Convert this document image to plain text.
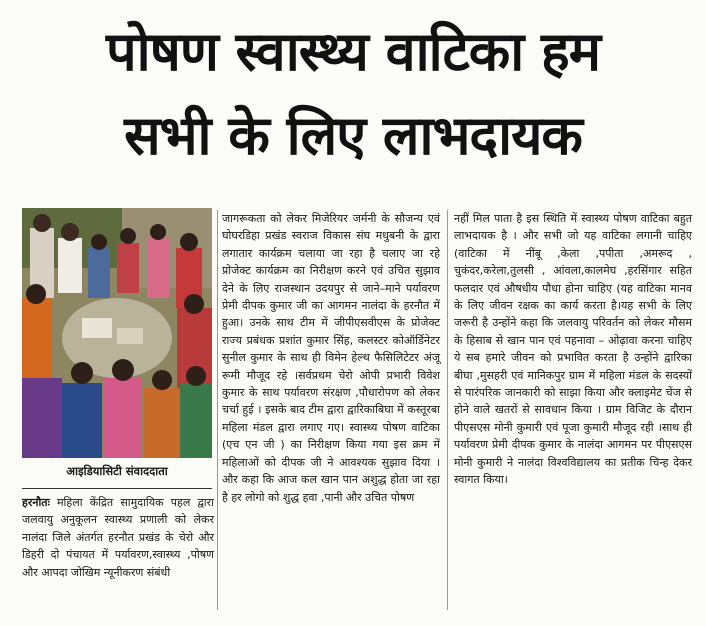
पोषण स्वास्थ्य वाटिका हम
सभी के लिए लाभदायक
आइडियासिटी संवाददाता
हरनौतः महिला केंद्रित सामुदायिक पहल द्वारा जलवायु अनुकूलन स्वास्थ्य प्रणाली को लेकर नालंदा जिले अंतर्गत हरनौत प्रखंड के चेरो और डिहरी दो पंचायत में पर्यावरण,स्वास्थ्य ,पोषण और आपदा जोखिम न्यूनीकरण संबंधी
जागरूकता को लेकर मिजेरियर जर्मनी के सौजन्य एवं घोघरडिहा प्रखंड स्वराज विकास संघ मधुबनी के द्वारा लगातार कार्यक्रम चलाया जा रहा है चलाए जा रहे प्रोजेक्ट कार्यक्रम का निरीक्षण करने एवं उचित सुझाव देने के लिए राजस्थान उदयपुर से जाने–माने पर्यावरण प्रेमी दीपक कुमार जी का आगमन नालंदा के हरनौत में हुआ। उनके साथ टीम में जीपीएसवीएस के प्रोजेक्ट राज्य प्रबंधक प्रशांत कुमार सिंह, कलस्टर कोऑर्डिनेटर सुनील कुमार के साथ ही विमेन हेल्थ फैसिलिटेटर अंजू रूमी मौजूद रहे ।सर्वप्रथम चेरो ओपी प्रभारी विवेश कुमार के साथ पर्यावरण संरक्षण ,पौधारोपण को लेकर चर्चा हुई । इसके बाद टीम द्वारा द्वारिकाबिघा में कस्तूरबा महिला मंडल द्वारा लगाए गए। स्वास्थ्य पोषण वाटिका (एच एन जी ) का निरीक्षण किया गया इस क्रम में महिलाओं को दीपक जी ने आवश्यक सुझाव दिया । और कहा कि आज कल खान पान अशुद्ध होता जा रहा है हर लोगो को शुद्ध हवा ,पानी और उचित पोषण
नहीं मिल पाता है इस स्थिति में स्वास्थ्य पोषण वाटिका बहुत लाभदायक है । और सभी जो यह वाटिका लगानी चाहिए (वाटिका में नींबू ,केला ,पपीता ,अमरूद , चुकंदर,करेला,तुलसी , आंवला,कालमेघ ,हरसिंगार सहित फलदार एवं औषधीय पौधा होना चाहिए (यह वाटिका मानव के लिए जीवन रक्षक का कार्य करता है।यह सभी के लिए जरूरी है उन्होंने कहा कि जलवायु परिवर्तन को लेकर मौसम के हिसाब से खान पान एवं पहनावा – ओढ़ावा करना चाहिए ये सब हमारे जीवन को प्रभावित करता है उन्होंने द्वारिका बीघा ,मुसहरी एवं मानिकपुर ग्राम में महिला मंडल के सदस्यों से पारंपरिक जानकारी को साझा किया और क्लाइमेट चेंज से होने वाले खतरों से सावधान किया । ग्राम विजिट के दौरान पीएसएस मोनी कुमारी एवं पूजा कुमारी मौजूद रही ।साथ ही पर्यावरण प्रेमी दीपक कुमार के नालंदा आगमन पर पीएसएस मोनी कुमारी ने नालंदा विश्वविद्यालय का प्रतीक चिन्ह देकर स्वागत किया।
